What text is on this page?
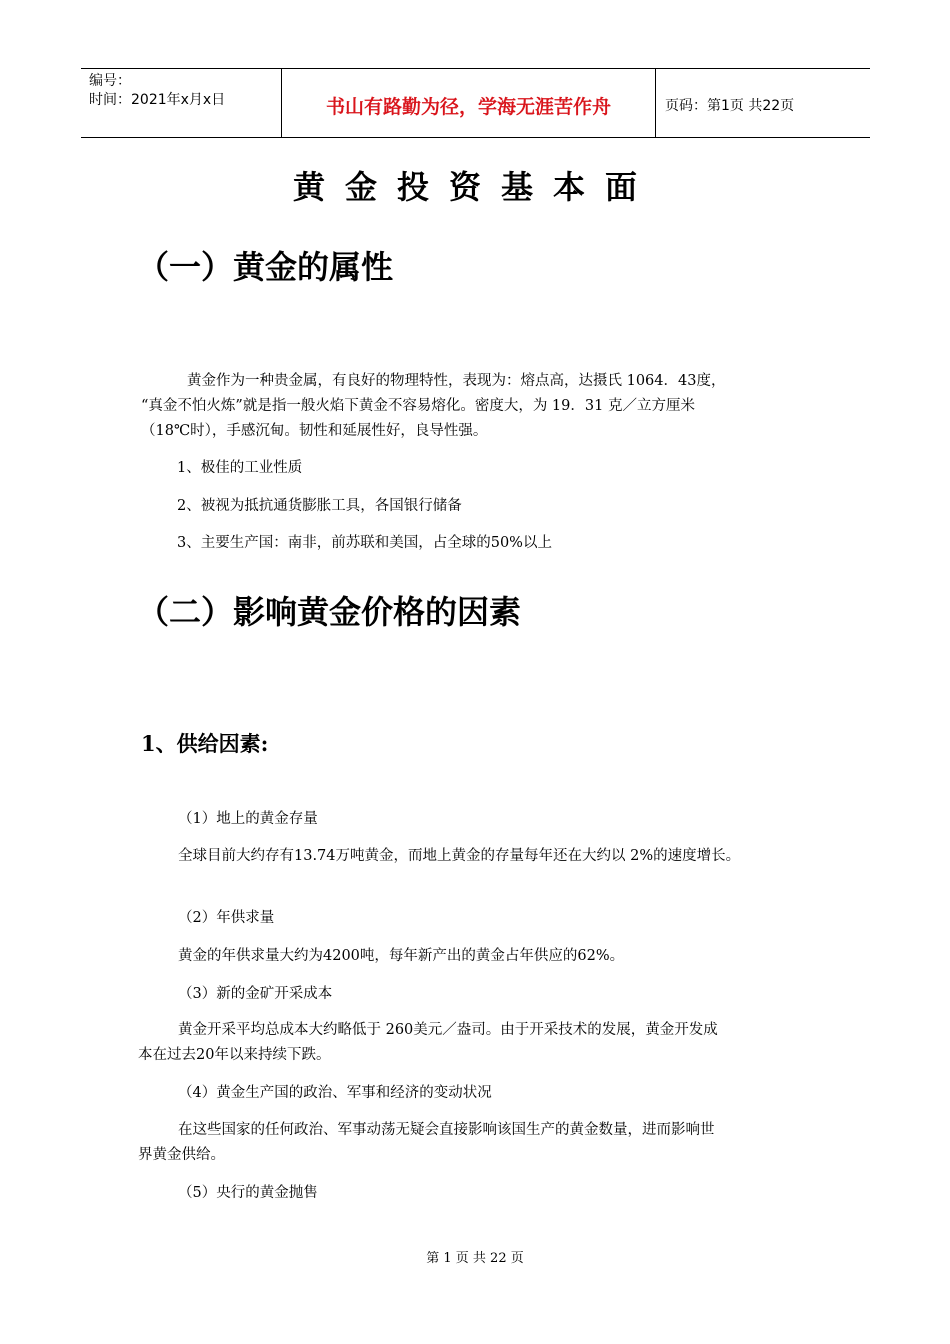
编号：
时间：2021年x月x日	书山有路勤为径，学海无涯苦作舟	页码：第1页 共22页
黄金投资基本面
（一）黄金的属性
黄金作为一种贵金属，有良好的物理特性，表现为：熔点高，达摄氏 1064．43度，
“真金不怕火炼”就是指一般火焰下黄金不容易熔化。密度大，为 19．31 克／立方厘米
（18℃时），手感沉甸。韧性和延展性好，良导性强。
1、极佳的工业性质
2、被视为抵抗通货膨胀工具，各国银行储备
3、主要生产国：南非，前苏联和美国，占全球的50%以上
（二）影响黄金价格的因素
1、供给因素:
（1）地上的黄金存量
全球目前大约存有13.74万吨黄金，而地上黄金的存量每年还在大约以 2%的速度增长。
（2）年供求量
黄金的年供求量大约为4200吨，每年新产出的黄金占年供应的62%。
（3）新的金矿开采成本
黄金开采平均总成本大约略低于 260美元／盎司。由于开采技术的发展，黄金开发成
本在过去20年以来持续下跌。
（4）黄金生产国的政治、军事和经济的变动状况
在这些国家的任何政治、军事动荡无疑会直接影响该国生产的黄金数量，进而影响世
界黄金供给。
（5）央行的黄金抛售
第 1 页 共 22 页
